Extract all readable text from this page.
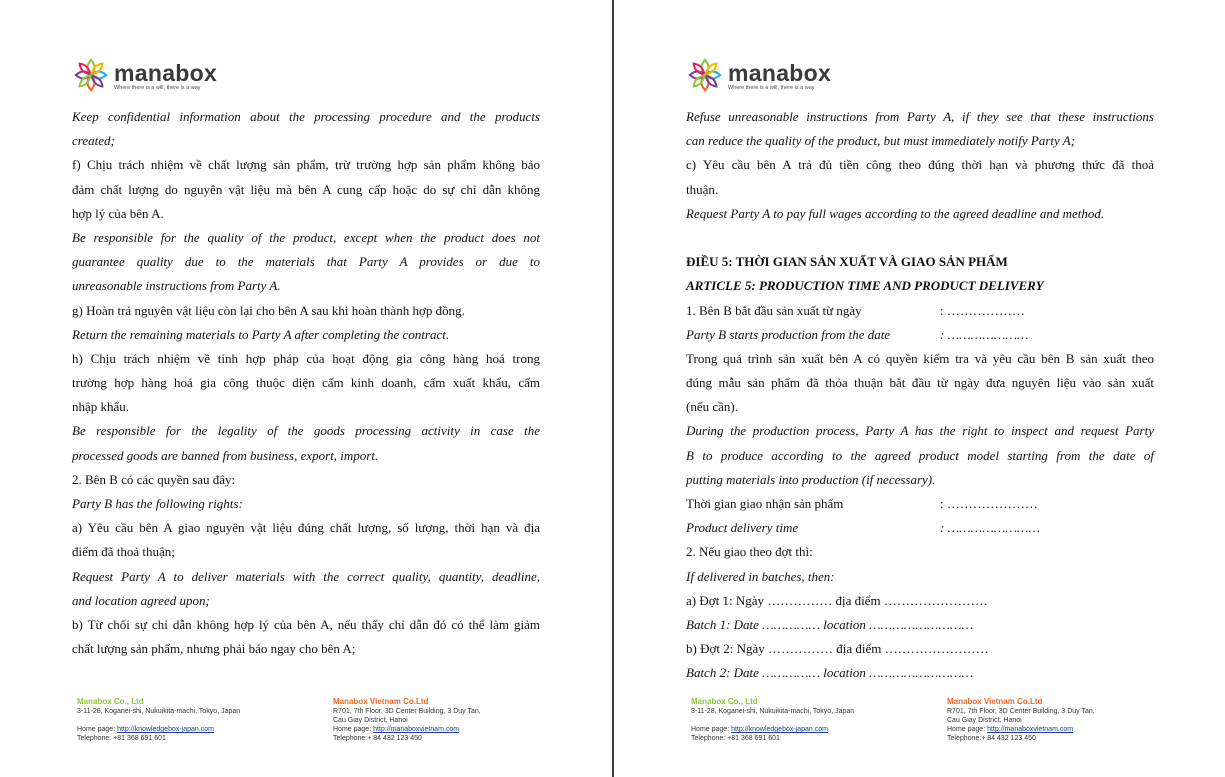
manabox
Where there is a will, there is a way
Keep confidential information about the processing procedure and the products
created;
f) Chịu trách nhiệm về chất lượng sản phẩm, trừ trường hợp sản phẩm không bảo
đảm chất lượng do nguyên vật liệu mà bên A cung cấp hoặc do sự chỉ dẫn không
hợp lý của bên A.
Be responsible for the quality of the product, except when the product does not
guarantee quality due to the materials that Party A provides or due to
unreasonable instructions from Party A.
g) Hoàn trả nguyên vật liệu còn lại cho bên A sau khi hoàn thành hợp đồng.
Return the remaining materials to Party A after completing the contract.
h) Chịu trách nhiệm về tính hợp pháp của hoạt động gia công hàng hoá trong
trường hợp hàng hoá gia công thuộc diện cấm kinh doanh, cấm xuất khẩu, cấm
nhập khẩu.
Be responsible for the legality of the goods processing activity in case the
processed goods are banned from business, export, import.
2. Bên B có các quyền sau đây:
Party B has the following rights:
a) Yêu cầu bên A giao nguyên vật liệu đúng chất lượng, số lượng, thời hạn và địa
điểm đã thoả thuận;
Request Party A to deliver materials with the correct quality, quantity, deadline,
and location agreed upon;
b) Từ chối sự chỉ dẫn không hợp lý của bên A, nếu thấy chỉ dẫn đó có thể làm giảm
chất lượng sản phẩm, nhưng phải báo ngay cho bên A;
Manabox Co., Ltd
3-11-28, Koganei-shi, Nukuikita-machi, Tokyo, Japan
Home page: http://knowledgebox-japan.com
Telephone: +81 368 691 601
Manabox Vietnam Co.Ltd
R701, 7th Floor, 3D Center Building, 3 Duy Tan,
Cau Giay District, Hanoi
Home page: http://manaboxvietnam.com
Telephone:+ 84 432 123 450
manabox
Where there is a will, there is a way
Refuse unreasonable instructions from Party A, if they see that these instructions
can reduce the quality of the product, but must immediately notify Party A;
c) Yêu cầu bên A trả đủ tiền công theo đúng thời hạn và phương thức đã thoả
thuận.
Request Party A to pay full wages according to the agreed deadline and method.
ĐIỀU 5: THỜI GIAN SẢN XUẤT VÀ GIAO SẢN PHẨM
ARTICLE 5: PRODUCTION TIME AND PRODUCT DELIVERY
1. Bên B bắt đầu sản xuất từ ngày	: ………………
Party B starts production from the date	: …………………
Trong quá trình sản xuất bên A có quyền kiểm tra và yêu cầu bên B sản xuất theo
đúng mẫu sản phẩm đã thỏa thuận bắt đầu từ ngày đưa nguyên liệu vào sản xuất
(nếu cần).
During the production process, Party A has the right to inspect and request Party
B to produce according to the agreed product model starting from the date of
putting materials into production (if necessary).
Thời gian giao nhận sản phẩm	: …………………
Product delivery time	: ……………………
2. Nếu giao theo đợt thì:
If delivered in batches, then:
a) Đợt 1: Ngày …………… địa điểm ……………………
Batch 1: Date …………… location ………………………
b) Đợt 2: Ngày …………… địa điểm ……………………
Batch 2: Date …………… location ………………………
Manabox Co., Ltd
3-11-28, Koganei-shi, Nukuikita-machi, Tokyo, Japan
Home page: http://knowledgebox-japan.com
Telephone: +81 368 691 601
Manabox Vietnam Co.Ltd
R701, 7th Floor, 3D Center Building, 3 Duy Tan,
Cau Giay District, Hanoi
Home page: http://manaboxvietnam.com
Telephone:+ 84 432 123 450
